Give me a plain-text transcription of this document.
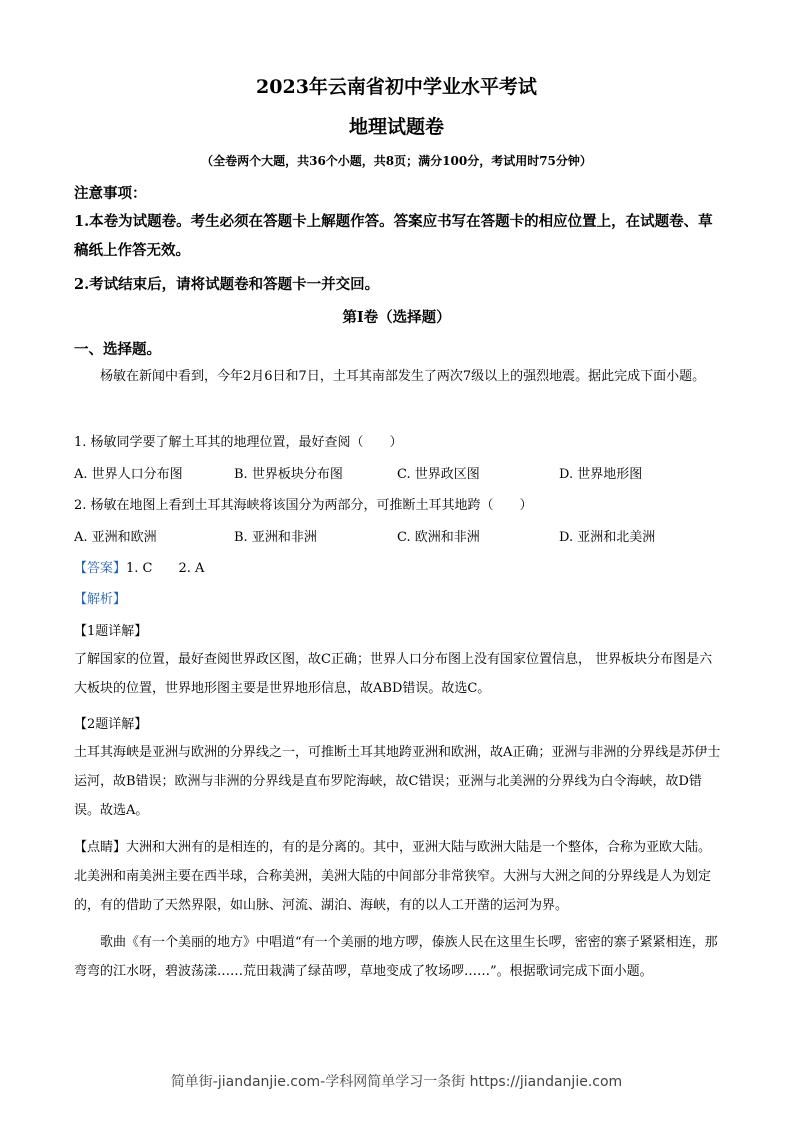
2023年云南省初中学业水平考试
地理试题卷
（全卷两个大题，共36个小题，共8页；满分100分，考试用时75分钟）
注意事项：
1.本卷为试题卷。考生必须在答题卡上解题作答。答案应书写在答题卡的相应位置上，在试题卷、草稿纸上作答无效。
2.考试结束后，请将试题卷和答题卡一并交回。
第Ⅰ卷（选择题）
一、选择题。
杨敏在新闻中看到，今年2月6日和7日，土耳其南部发生了两次7级以上的强烈地震。据此完成下面小题。
1. 杨敏同学要了解土耳其的地理位置，最好查阅（　　）
A. 世界人口分布图	B. 世界板块分布图	C. 世界政区图	D. 世界地形图
2. 杨敏在地图上看到土耳其海峡将该国分为两部分，可推断土耳其地跨（　　）
A. 亚洲和欧洲	B. 亚洲和非洲	C. 欧洲和非洲	D. 亚洲和北美洲
【答案】1. C 2. A
【解析】
【1题详解】
了解国家的位置，最好查阅世界政区图，故C正确；世界人口分布图上没有国家位置信息， 世界板块分布图是六大板块的位置，世界地形图主要是世界地形信息，故ABD错误。故选C。
【2题详解】
土耳其海峡是亚洲与欧洲的分界线之一，可推断土耳其地跨亚洲和欧洲，故A正确；亚洲与非洲的分界线是苏伊士运河，故B错误；欧洲与非洲的分界线是直布罗陀海峡，故C错误；亚洲与北美洲的分界线为白令海峡，故D错误。故选A。
【点睛】大洲和大洲有的是相连的，有的是分离的。其中，亚洲大陆与欧洲大陆是一个整体，合称为亚欧大陆。北美洲和南美洲主要在西半球，合称美洲，美洲大陆的中间部分非常狭窄。大洲与大洲之间的分界线是人为划定的，有的借助了天然界限，如山脉、河流、湖泊、海峡，有的以人工开凿的运河为界。
歌曲《有一个美丽的地方》中唱道“有一个美丽的地方啰，傣族人民在这里生长啰，密密的寨子紧紧相连，那弯弯的江水呀，碧波荡漾……荒田栽满了绿苗啰，草地变成了牧场啰……”。根据歌词完成下面小题。
简单街-jiandanjie.com-学科网简单学习一条街 https://jiandanjie.com
